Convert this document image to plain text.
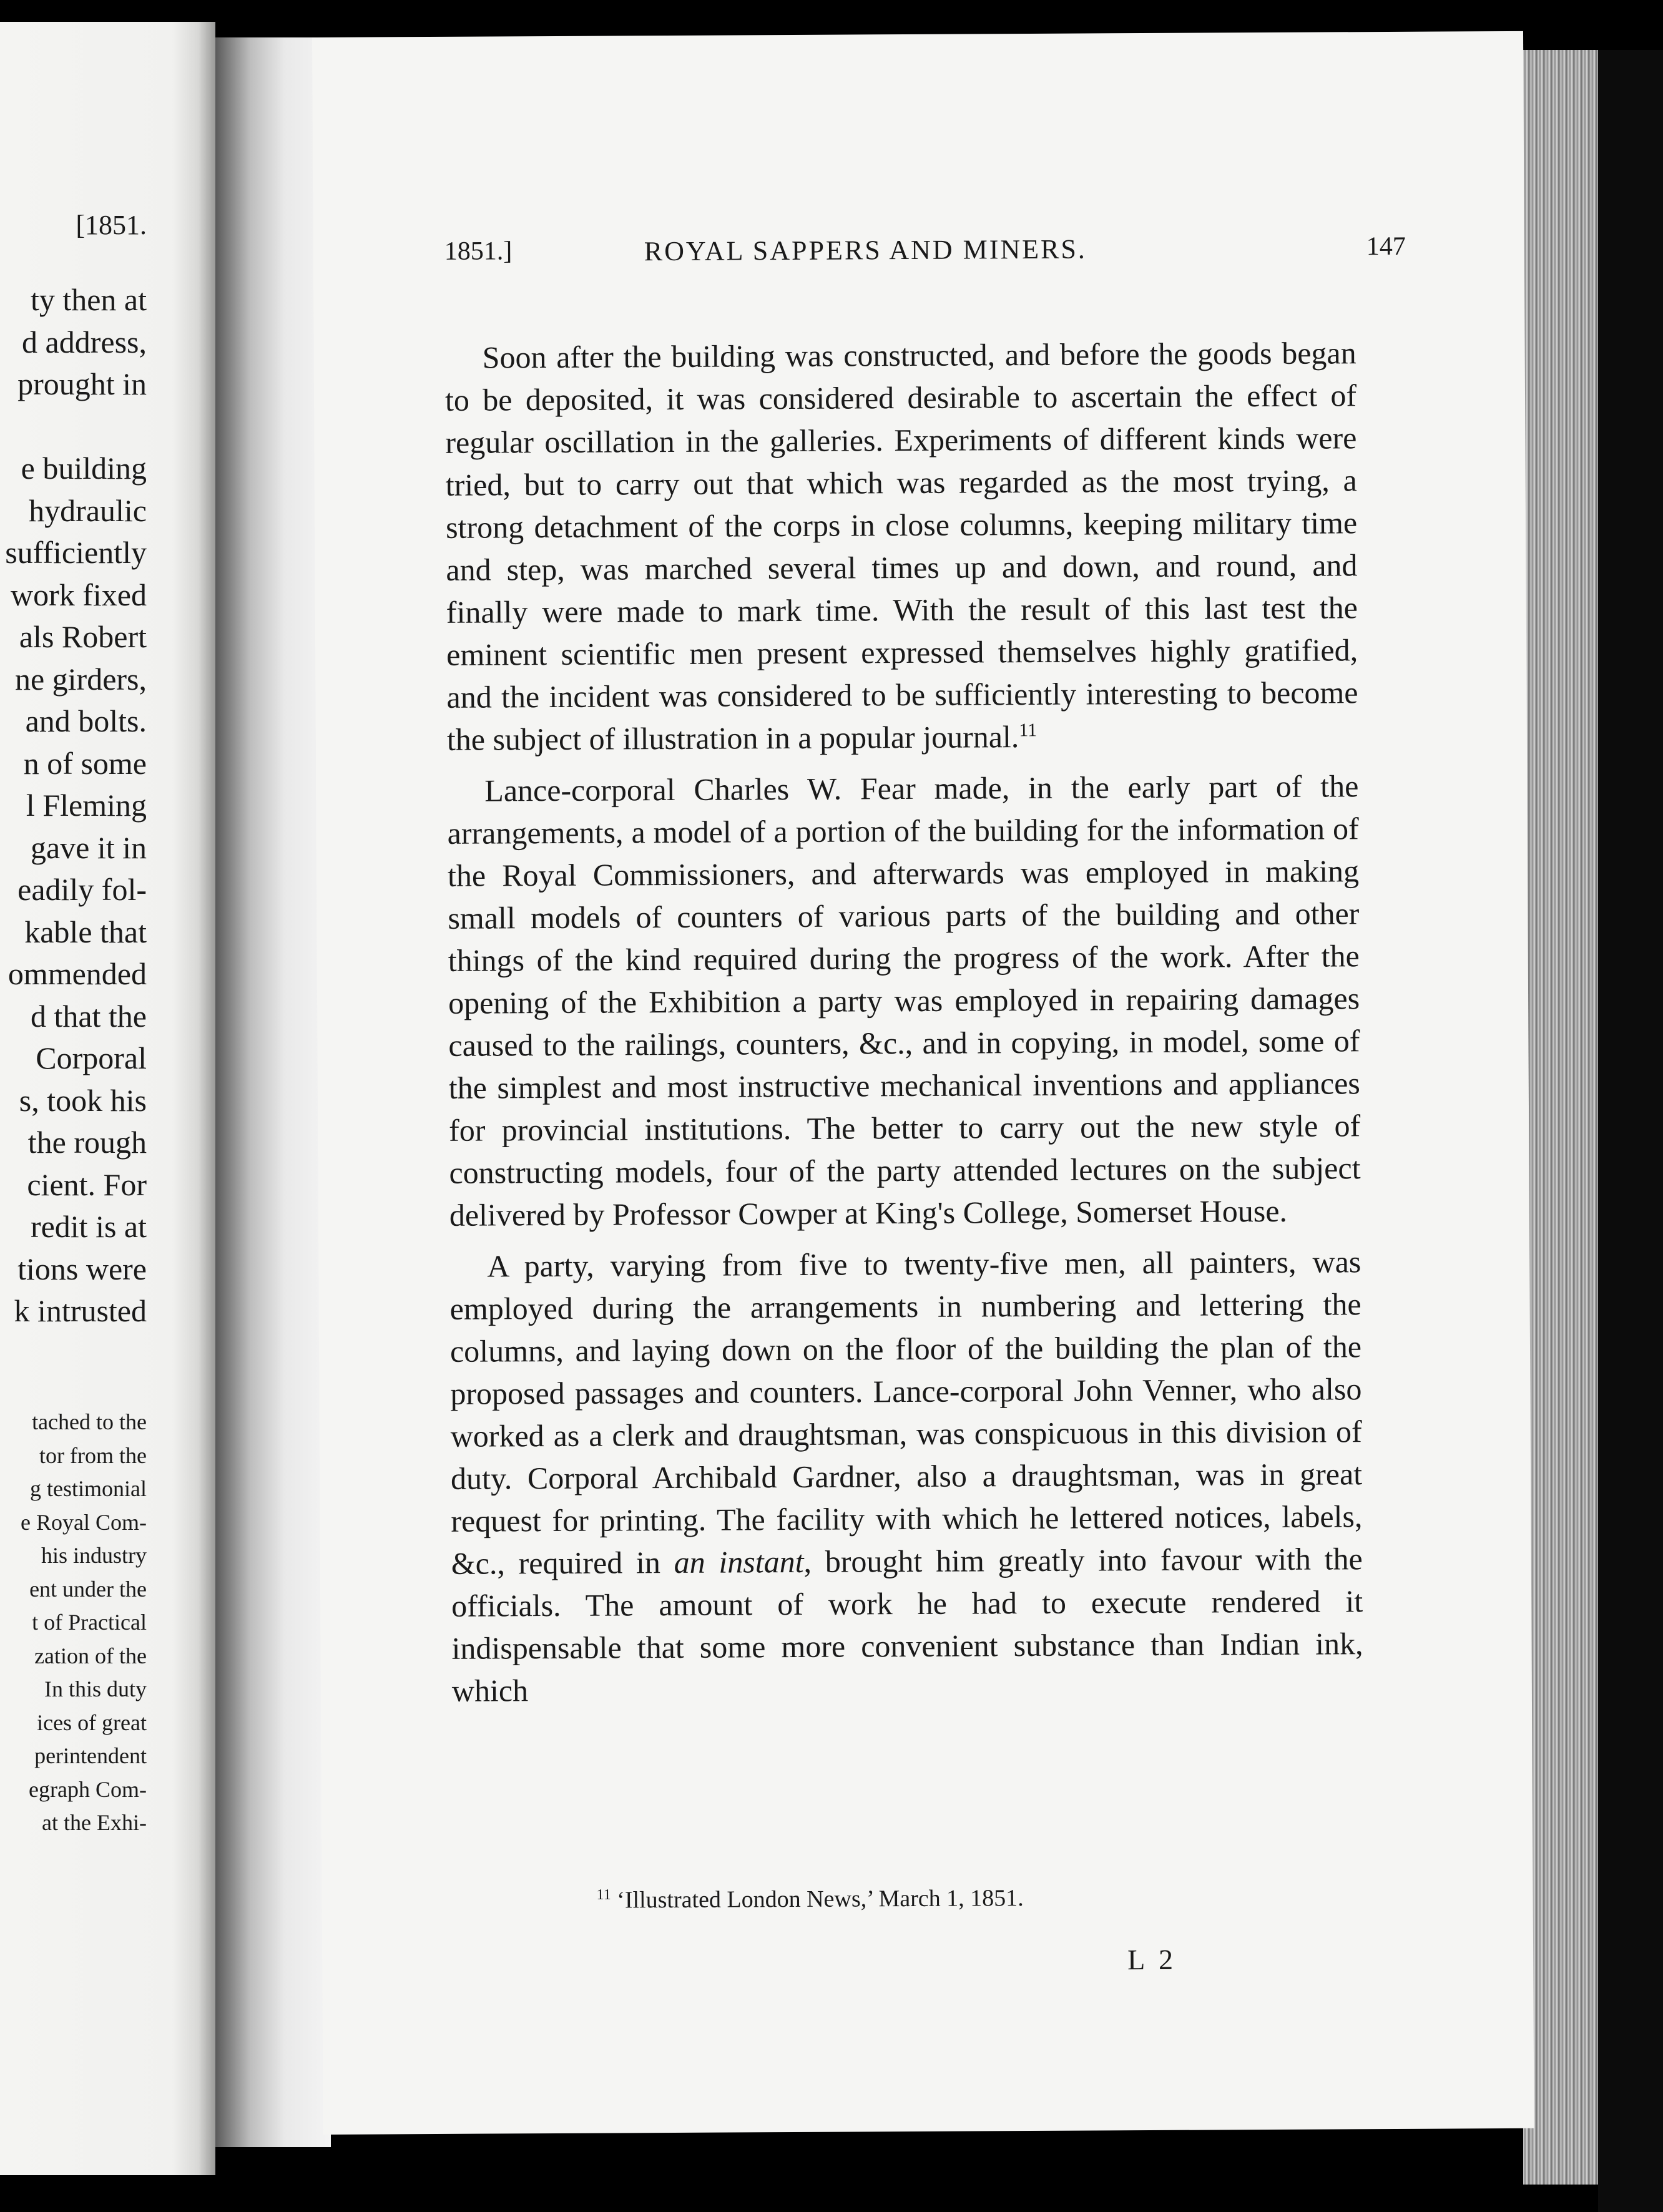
[1851.
ty then at
d address,
prought in
e building
hydraulic
sufficiently
work fixed
als Robert
ne girders,
and bolts.
n of some
l Fleming
gave it in
eadily fol-
kable that
ommended
d that the
Corporal
s, took his
the rough
cient. For
redit is at
tions were
k intrusted
tached to the
tor from the
g testimonial
e Royal Com-
his industry
ent under the
t of Practical
zation of the
In this duty
ices of great
perintendent
egraph Com-
at the Exhi-
1851.]	ROYAL SAPPERS AND MINERS.	147

Soon after the building was constructed, and before the goods began to be deposited, it was considered desirable to ascertain the effect of regular oscillation in the galleries. Experiments of different kinds were tried, but to carry out that which was regarded as the most trying, a strong detachment of the corps in close columns, keeping military time and step, was marched several times up and down, and round, and finally were made to mark time. With the result of this last test the eminent scientific men present expressed themselves highly gratified, and the incident was considered to be sufficiently interesting to become the subject of illustration in a popular journal.$^{11}$

Lance-corporal Charles W. Fear made, in the early part of the arrangements, a model of a portion of the building for the information of the Royal Commissioners, and afterwards was employed in making small models of counters of various parts of the building and other things of the kind required during the progress of the work. After the opening of the Exhibition a party was employed in repairing damages caused to the railings, counters, &c., and in copying, in model, some of the simplest and most instructive mechanical inventions and appliances for provincial institutions. The better to carry out the new style of constructing models, four of the party attended lectures on the subject delivered by Professor Cowper at King's College, Somerset House.

A party, varying from five to twenty-five men, all painters, was employed during the arrangements in numbering and lettering the columns, and laying down on the floor of the building the plan of the proposed passages and counters. Lance-corporal John Venner, who also worked as a clerk and draughtsman, was conspicuous in this division of duty. Corporal Archibald Gardner, also a draughtsman, was in great request for printing. The facility with which he lettered notices, labels, &c., required in an instant, brought him greatly into favour with the officials. The amount of work he had to execute rendered it indispensable that some more convenient substance than Indian ink, which

$^{11}$ ‘Illustrated London News,’ March 1, 1851.
L 2
